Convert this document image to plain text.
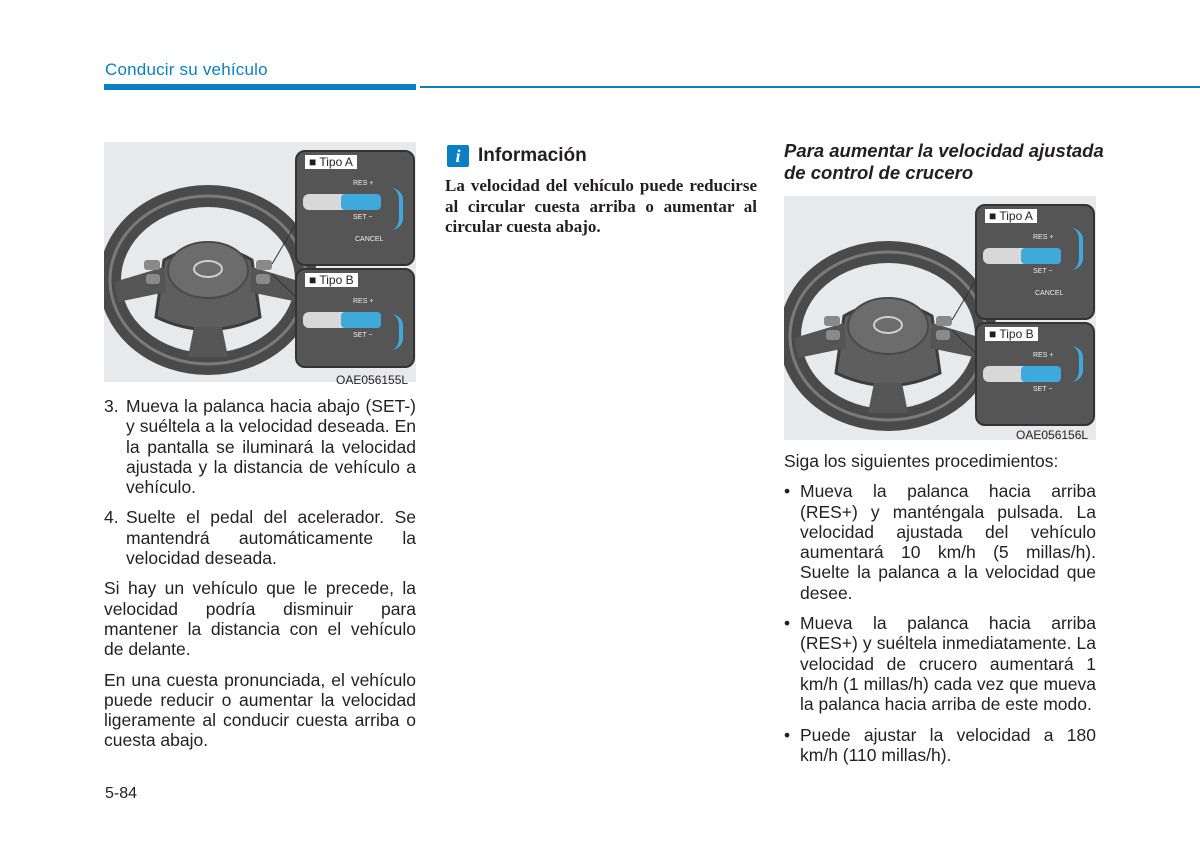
Conducir su vehículo
■ Tipo A
RES +
SET −
CANCEL
■ Tipo B
RES +
SET −
OAE056155L
3. Mueva la palanca hacia abajo (SET-) y suéltela a la velocidad deseada. En la pantalla se iluminará la velocidad ajustada y la distancia de vehículo a vehículo.
4. Suelte el pedal del acelerador. Se mantendrá automáticamente la velocidad deseada.

Si hay un vehículo que le precede, la velocidad podría disminuir para mantener la distancia con el vehículo de delante.

En una cuesta pronunciada, el vehículo puede reducir o aumentar la velocidad ligeramente al conducir cuesta arriba o cuesta abajo.

i Información
La velocidad del vehículo puede reducirse al circular cuesta arriba o aumentar al circular cuesta abajo.
Para aumentar la velocidad ajustada de control de crucero
■ Tipo A
RES +
SET −
CANCEL
■ Tipo B
RES +
SET −
OAE056156L

Siga los siguientes procedimientos:

• Mueva la palanca hacia arriba (RES+) y manténgala pulsada. La velocidad ajustada del vehículo aumentará 10 km/h (5 millas/h). Suelte la palanca a la velocidad que desee.
• Mueva la palanca hacia arriba (RES+) y suéltela inmediatamente. La velocidad de crucero aumentará 1 km/h (1 millas/h) cada vez que mueva la palanca hacia arriba de este modo.
• Puede ajustar la velocidad a 180 km/h (110 millas/h).
5-84
